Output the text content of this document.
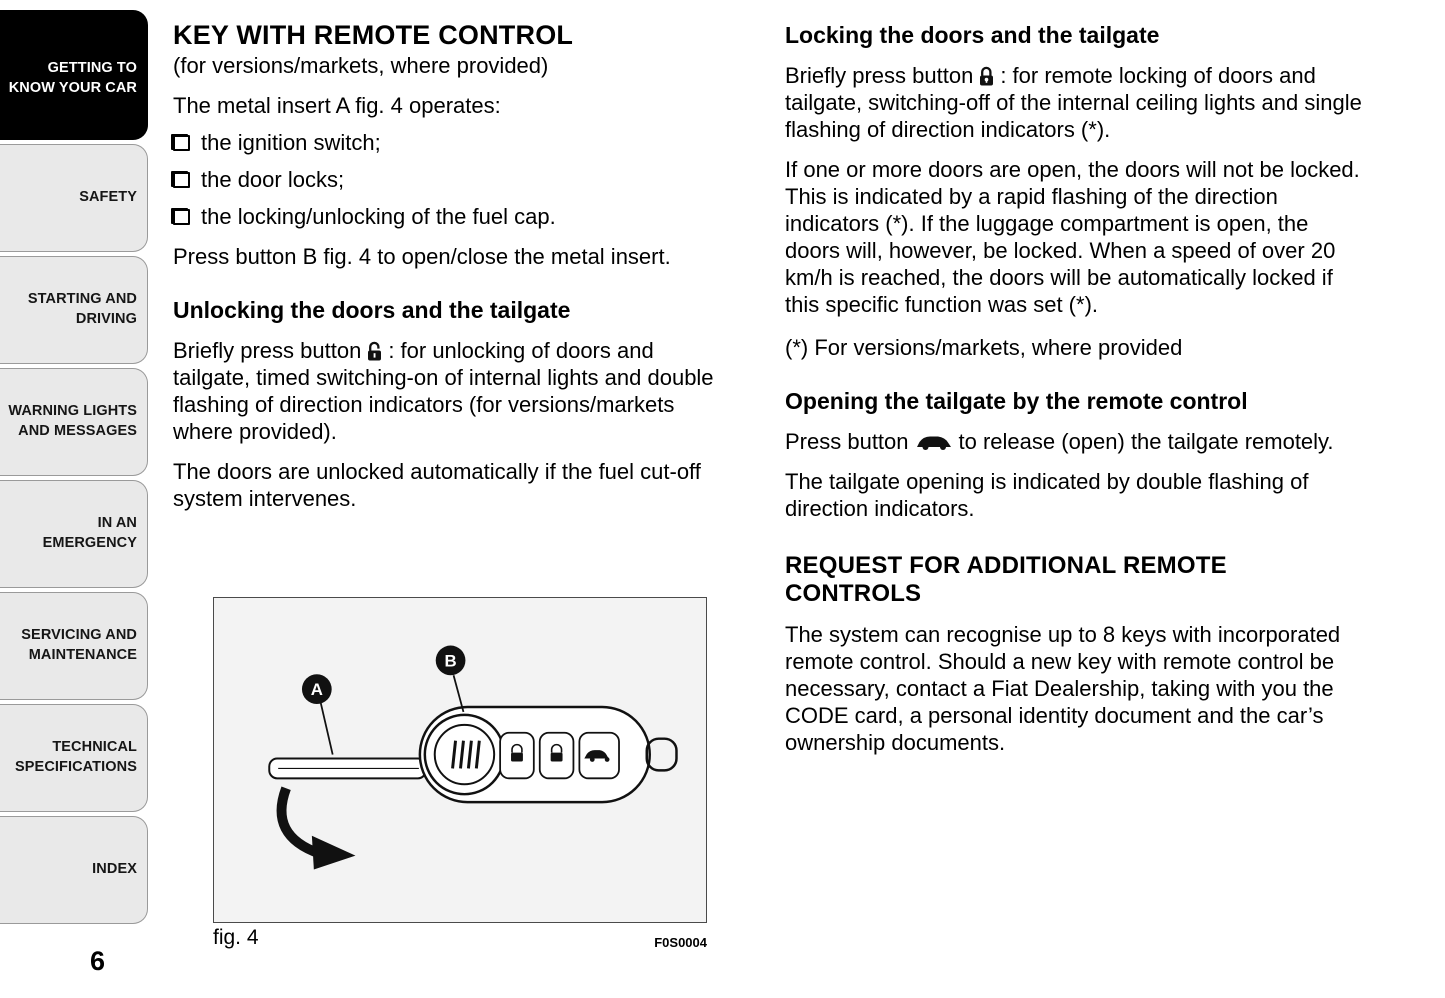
GETTING TO KNOW YOUR CAR
SAFETY
STARTING AND DRIVING
WARNING LIGHTS AND MESSAGES
IN AN EMERGENCY
SERVICING AND MAINTENANCE
TECHNICAL SPECIFICATIONS
INDEX
6
KEY WITH REMOTE CONTROL
(for versions/markets, where provided)

The metal insert A fig. 4 operates:

the ignition switch;
the door locks;
the locking/unlocking of the fuel cap.

Press button B fig. 4 to open/close the metal insert.

Unlocking the doors and the tailgate

Briefly press button : for unlocking of doors and tailgate, timed switching-on of internal lights and double flashing of direction indicators (for versions/markets where provided).

The doors are unlocked automatically if the fuel cut-off system intervenes.

Locking the doors and the tailgate

Briefly press button : for remote locking of doors and tailgate, switching-off of the internal ceiling lights and single flashing of direction indicators (*).

If one or more doors are open, the doors will not be locked. This is indicated by a rapid flashing of the direction indicators (*). If the luggage compartment is open, the doors will, however, be locked. When a speed of over 20 km/h is reached, the doors will be automatically locked if this specific function was set (*).

(*) For versions/markets, where provided

Opening the tailgate by the remote control

Press button to release (open) the tailgate remotely.

The tailgate opening is indicated by double flashing of direction indicators.

REQUEST FOR ADDITIONAL REMOTE CONTROLS

The system can recognise up to 8 keys with incorporated remote control. Should a new key with remote control be necessary, contact a Fiat Dealership, taking with you the CODE card, a personal identity document and the car’s ownership documents.

A
B
fig. 4	F0S0004
